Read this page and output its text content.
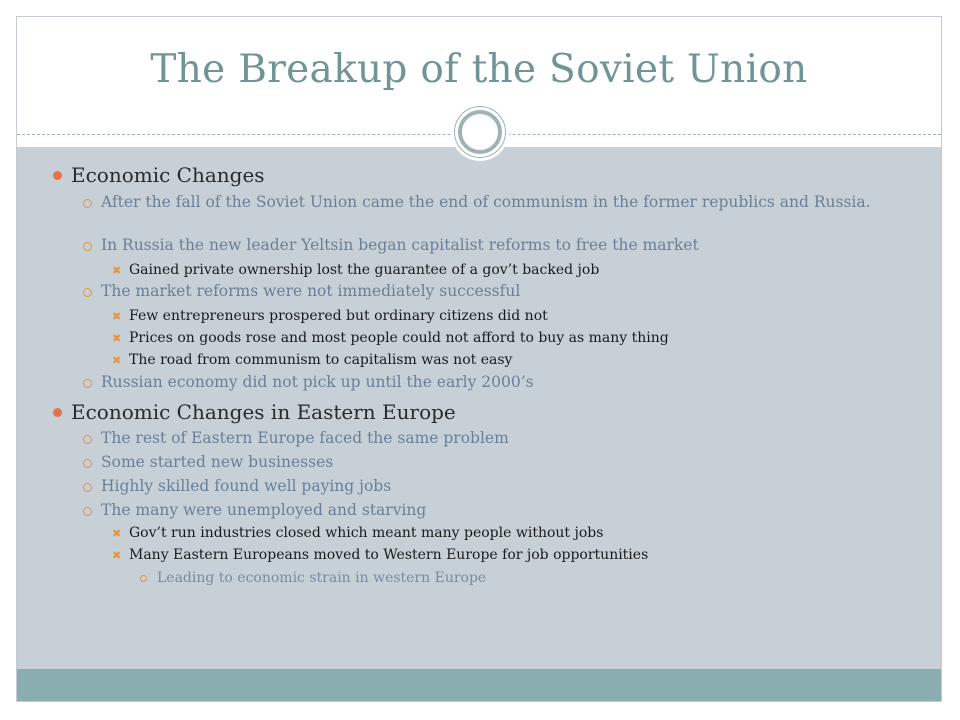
The Breakup of the Soviet Union
Economic Changes
After the fall of the Soviet Union came the end of communism in the former republics and Russia.
In Russia the new leader Yeltsin began capitalist reforms to free the market
✖ Gained private ownership lost the guarantee of a gov’t backed job
The market reforms were not immediately successful
✖ Few entrepreneurs prospered but ordinary citizens did not
✖ Prices on goods rose and most people could not afford to buy as many thing
✖ The road from communism to capitalism was not easy
Russian economy did not pick up until the early 2000’s
Economic Changes in Eastern Europe
The rest of Eastern Europe faced the same problem
Some started new businesses
Highly skilled found well paying jobs
The many were unemployed and starving
✖ Gov’t run industries closed which meant many people without jobs
✖ Many Eastern Europeans moved to Western Europe for job opportunities
Leading to economic strain in western Europe
